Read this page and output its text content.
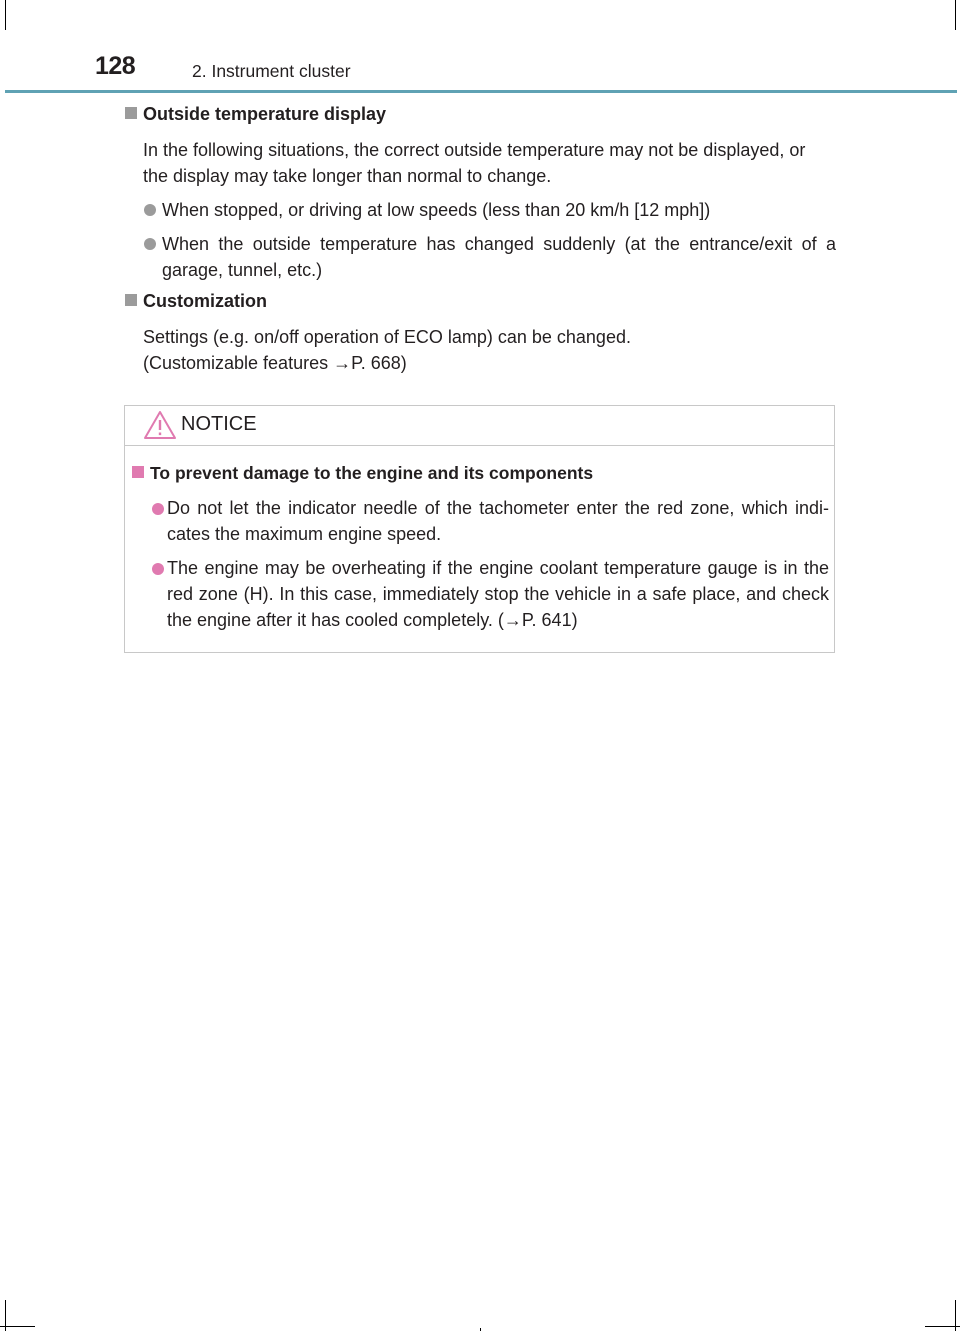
128	2. Instrument cluster
Outside temperature display
In the following situations, the correct outside temperature may not be displayed, or the display may take longer than normal to change.
When stopped, or driving at low speeds (less than 20 km/h [12 mph])
When the outside temperature has changed suddenly (at the entrance/exit of a garage, tunnel, etc.)
Customization
Settings (e.g. on/off operation of ECO lamp) can be changed.
(Customizable features →P. 668)
NOTICE
To prevent damage to the engine and its components
Do not let the indicator needle of the tachometer enter the red zone, which indi-cates the maximum engine speed.
The engine may be overheating if the engine coolant temperature gauge is in the red zone (H). In this case, immediately stop the vehicle in a safe place, and check the engine after it has cooled completely. (→P. 641)
